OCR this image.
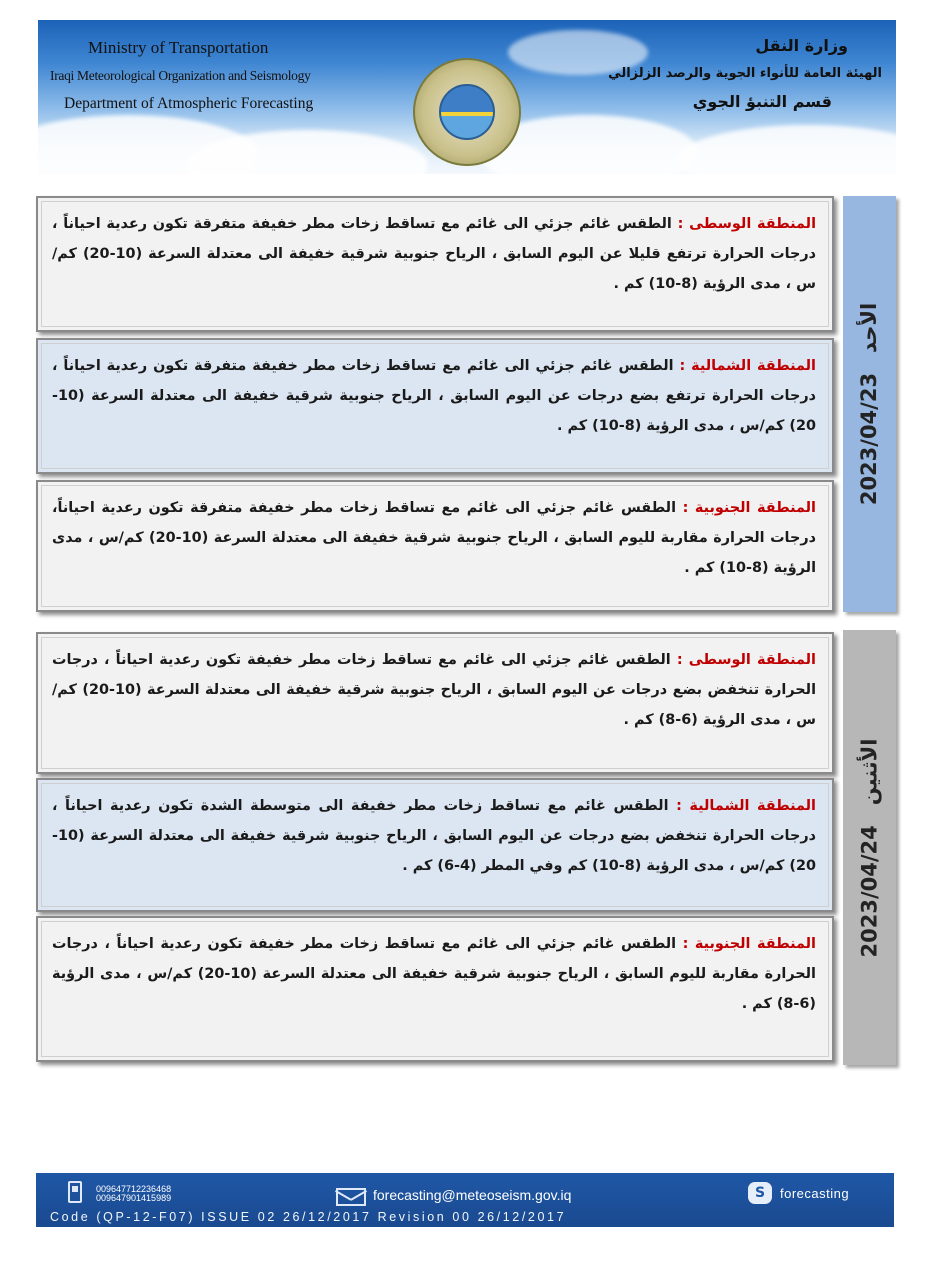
Ministry of Transportation
Iraqi Meteorological Organization and Seismology
Department of Atmospheric Forecasting
وزارة النقل
الهيئة العامة للأنواء الجوية والرصد الزلزالي
قسم التنبؤ الجوي
2023/04/23
الأحد
المنطقة الوسطى : الطقس غائم جزئي الى غائم مع تساقط زخات مطر خفيفة متفرقة تكون رعدية احياناً ، درجات الحرارة ترتفع قليلا عن اليوم السابق ، الرياح جنوبية شرقية خفيفة الى معتدلة السرعة (10-20) كم/س ، مدى الرؤية (8-10) كم .
المنطقة الشمالية : الطقس غائم جزئي الى غائم مع تساقط زخات مطر خفيفة متفرقة تكون رعدية احياناً ، درجات الحرارة ترتفع بضع درجات عن اليوم السابق ، الرياح جنوبية شرقية خفيفة الى معتدلة السرعة (10-20) كم/س ، مدى الرؤية (8-10) كم .
المنطقة الجنوبية : الطقس غائم جزئي الى غائم مع تساقط زخات مطر خفيفة متفرقة تكون رعدية احياناً، درجات الحرارة مقاربة لليوم السابق ، الرياح جنوبية شرقية خفيفة الى معتدلة السرعة (10-20) كم/س ، مدى الرؤية (8-10) كم .
2023/04/24
الأثنين
المنطقة الوسطى : الطقس غائم جزئي الى غائم مع تساقط زخات مطر خفيفة تكون رعدية احياناً ، درجات الحرارة تنخفض بضع درجات عن اليوم السابق ، الرياح جنوبية شرقية خفيفة الى معتدلة السرعة (10-20) كم/س ، مدى الرؤية (6-8) كم .
المنطقة الشمالية : الطقس غائم مع تساقط زخات مطر خفيفة الى متوسطة الشدة تكون رعدية احياناً ، درجات الحرارة تنخفض بضع درجات عن اليوم السابق ، الرياح جنوبية شرقية خفيفة الى معتدلة السرعة (10-20) كم/س ، مدى الرؤية (8-10) كم وفي المطر (4-6) كم .
المنطقة الجنوبية : الطقس غائم جزئي الى غائم مع تساقط زخات مطر خفيفة تكون رعدية احياناً ، درجات الحرارة مقاربة لليوم السابق ، الرياح جنوبية شرقية خفيفة الى معتدلة السرعة (10-20) كم/س ، مدى الرؤية (6-8) كم .
009647712236468
009647901415989	forecasting@meteoseism.gov.iq	S	forecasting
Code (QP-12-F07) ISSUE 02 26/12/2017 Revision 00 26/12/2017
